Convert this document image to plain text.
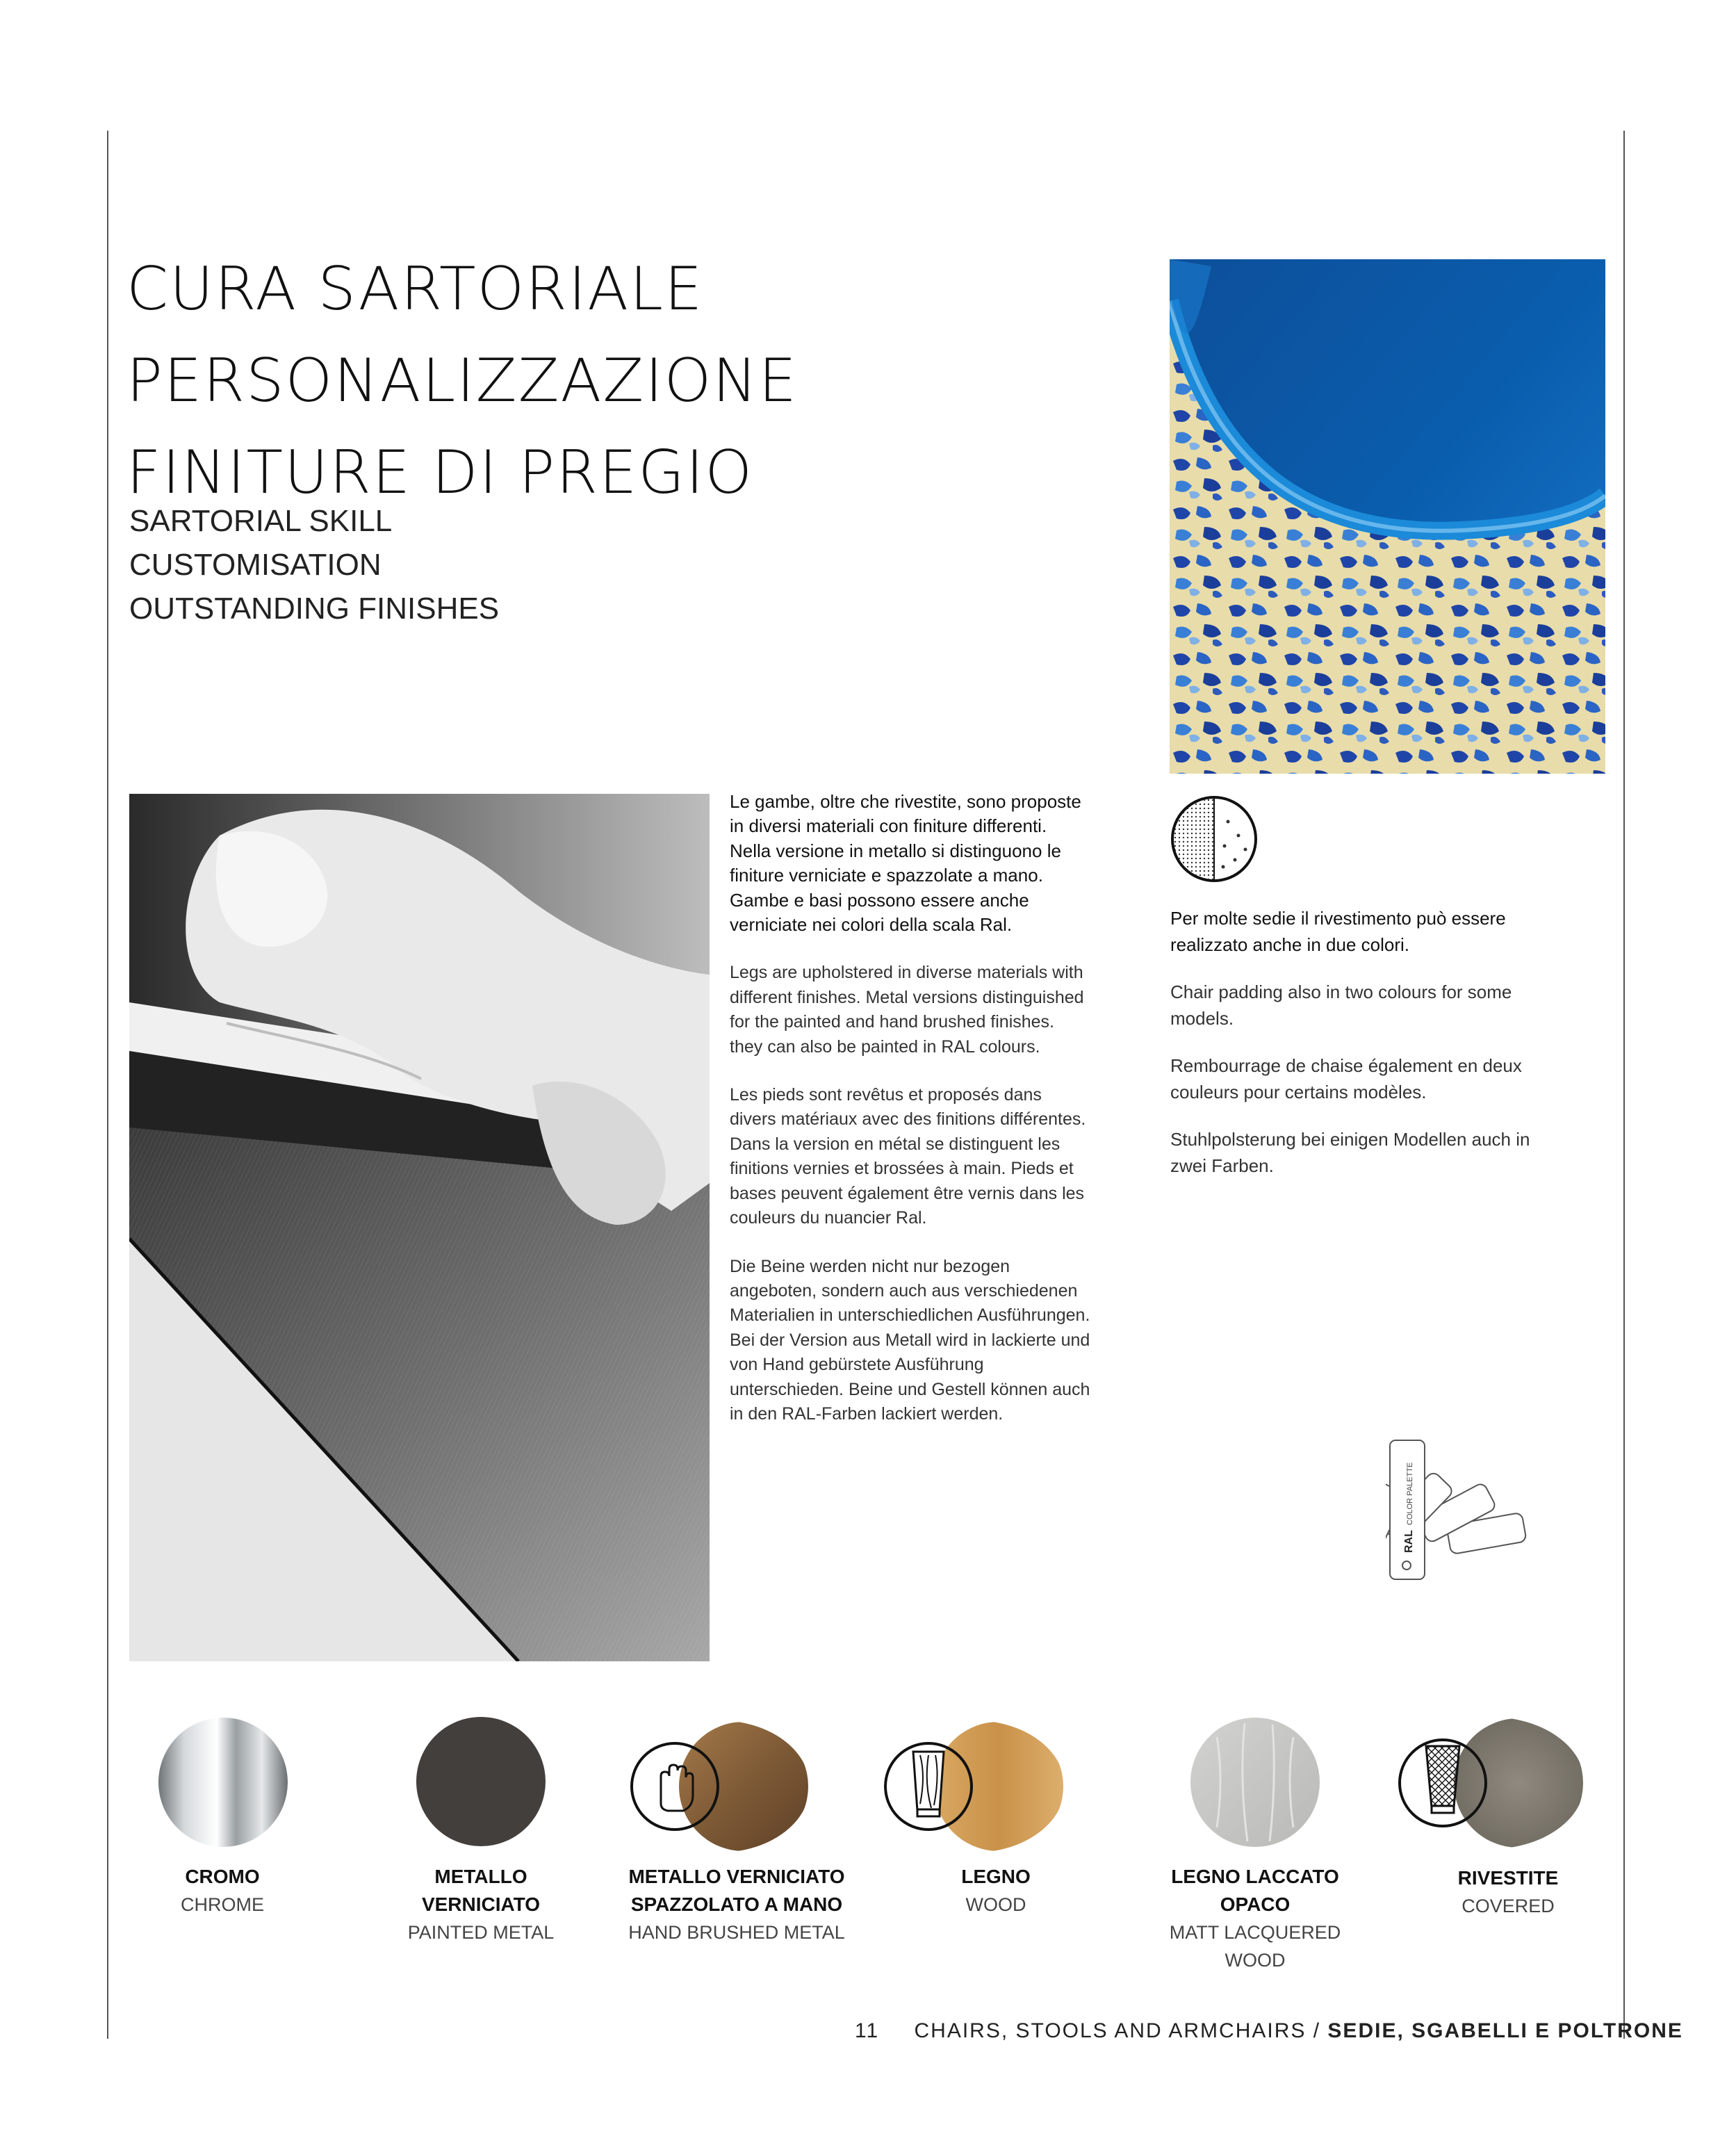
CURA SARTORIALE
PERSONALIZZAZIONE
FINITURE DI PREGIO
SARTORIAL SKILL
CUSTOMISATION
OUTSTANDING FINISHES

Le gambe, oltre che rivestite, sono proposte in diversi materiali con finiture differenti. Nella versione in metallo si distinguono le finiture verniciate e spazzolate a mano. Gambe e basi possono essere anche verniciate nei colori della scala Ral.

Legs are upholstered in diverse materials with different finishes. Metal versions distinguished for the painted and hand brushed finishes. they can also be painted in RAL colours.

Les pieds sont revêtus et proposés dans divers matériaux avec des finitions différentes. Dans la version en métal se distinguent les finitions vernies et brossées à main. Pieds et bases peuvent également être vernis dans les couleurs du nuancier Ral.

Die Beine werden nicht nur bezogen angeboten, sondern auch aus verschiedenen Materialien in unterschiedlichen Ausführungen. Bei der Version aus Metall wird in lackierte und von Hand gebürstete Ausführung unterschieden. Beine und Gestell können auch in den RAL-Farben lackiert werden.

Per molte sedie il rivestimento può essere realizzato anche in due colori.

Chair padding also in two colours for some models.

Rembourrage de chaise également en deux couleurs pour certains modèles.

Stuhlpolsterung bei einigen Modellen auch in zwei Farben.

RAL
COLOR PALETTE
CROMO
CHROME
METALLO
VERNICIATO
PAINTED METAL
METALLO VERNICIATO
SPAZZOLATO A MANO
HAND BRUSHED METAL
LEGNO
WOOD
LEGNO LACCATO
OPACO
MATT LACQUERED
WOOD
RIVESTITE
COVERED
11 CHAIRS, STOOLS AND ARMCHAIRS / SEDIE, SGABELLI E POLTRONE
